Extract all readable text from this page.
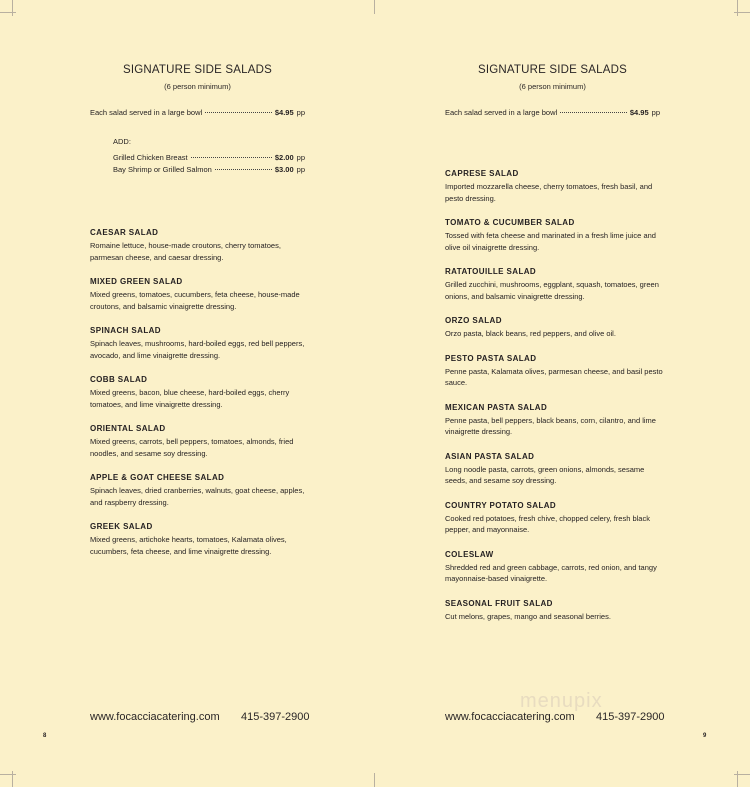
SIGNATURE SIDE SALADS
(6 person minimum)
Each salad served in a large bowl	$4.95 pp
ADD:
Grilled Chicken Breast	$2.00 pp
Bay Shrimp or Grilled Salmon	$3.00 pp
CAESAR SALAD
Romaine lettuce, house-made croutons, cherry tomatoes, parmesan cheese, and caesar dressing.
MIXED GREEN SALAD
Mixed greens, tomatoes, cucumbers, feta cheese, house-made croutons, and balsamic vinaigrette dressing.
SPINACH SALAD
Spinach leaves, mushrooms, hard-boiled eggs, red bell peppers, avocado, and lime vinaigrette dressing.
COBB SALAD
Mixed greens, bacon, blue cheese, hard-boiled eggs, cherry tomatoes, and lime vinaigrette dressing.
ORIENTAL SALAD
Mixed greens, carrots, bell peppers, tomatoes, almonds, fried noodles, and sesame soy dressing.
APPLE & GOAT CHEESE SALAD
Spinach leaves, dried cranberries, walnuts, goat cheese, apples, and raspberry dressing.
GREEK SALAD
Mixed greens, artichoke hearts, tomatoes, Kalamata olives, cucumbers, feta cheese, and lime vinaigrette dressing.
www.focacciacatering.com 415-397-2900
8
SIGNATURE SIDE SALADS
(6 person minimum)
Each salad served in a large bowl	$4.95 pp
CAPRESE SALAD
Imported mozzarella cheese, cherry tomatoes, fresh basil, and pesto dressing.
TOMATO & CUCUMBER SALAD
Tossed with feta cheese and marinated in a fresh lime juice and olive oil vinaigrette dressing.
RATATOUILLE SALAD
Grilled zucchini, mushrooms, eggplant, squash, tomatoes, green onions, and balsamic vinaigrette dressing.
ORZO SALAD
Orzo pasta, black beans, red peppers, and olive oil.
PESTO PASTA SALAD
Penne pasta, Kalamata olives, parmesan cheese, and basil pesto sauce.
MEXICAN PASTA SALAD
Penne pasta, bell peppers, black beans, corn, cilantro, and lime vinaigrette dressing.
ASIAN PASTA SALAD
Long noodle pasta, carrots, green onions, almonds, sesame seeds, and sesame soy dressing.
COUNTRY POTATO SALAD
Cooked red potatoes, fresh chive, chopped celery, fresh black pepper, and mayonnaise.
COLESLAW
Shredded red and green cabbage, carrots, red onion, and tangy mayonnaise-based vinaigrette.
SEASONAL FRUIT SALAD
Cut melons, grapes, mango and seasonal berries.
www.focacciacatering.com 415-397-2900
9
menupix
